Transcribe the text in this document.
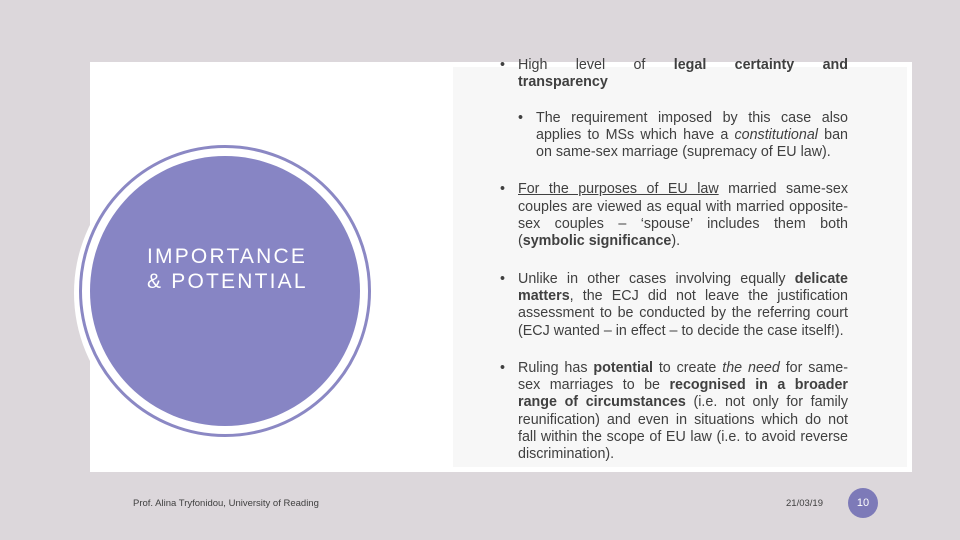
IMPORTANCE
& POTENTIAL
• High level of legal certainty and
transparency
• The requirement imposed by this case also applies to MSs which have a constitutional ban on same-sex marriage (supremacy of EU law).
• For the purposes of EU law married same-sex couples are viewed as equal with married opposite-sex couples – ‘spouse’ includes them both (symbolic significance).
• Unlike in other cases involving equally delicate matters, the ECJ did not leave the justification assessment to be conducted by the referring court (ECJ wanted – in effect – to decide the case itself!).
• Ruling has potential to create the need for same-sex marriages to be recognised in a broader range of circumstances (i.e. not only for family reunification) and even in situations which do not fall within the scope of EU law (i.e. to avoid reverse discrimination).
Prof. Alina Tryfonidou, University of Reading	21/03/19	10
